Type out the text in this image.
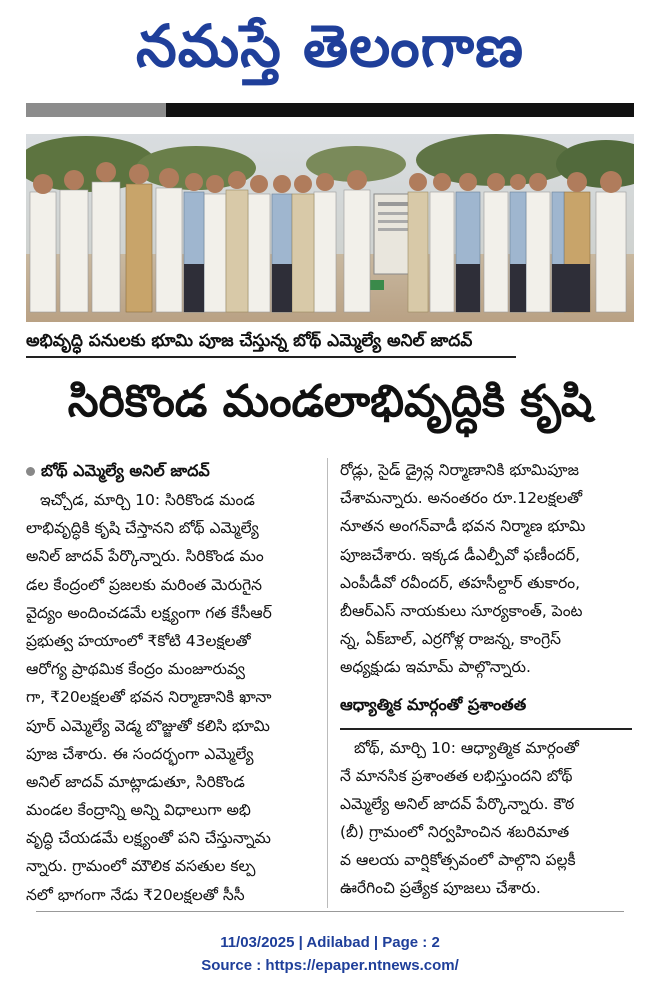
నమస్తే తెలంగాణ
అభివృద్ధి పనులకు భూమి పూజ చేస్తున్న బోథ్ ఎమ్మెల్యే అనిల్ జాదవ్
సిరికొండ మండలాభివృద్ధికి కృషి
బోథ్ ఎమ్మెల్యే అనిల్ జాదవ్
ఇచ్చోడ, మార్చి 10: సిరికొండ మండ
లాభివృద్ధికి కృషి చేస్తానని బోథ్ ఎమ్మెల్యే
అనిల్ జాదవ్ పేర్కొన్నారు. సిరికొండ మం
డల కేంద్రంలో ప్రజలకు మరింత మెరుగైన
వైద్యం అందించడమే లక్ష్యంగా గత కేసీఆర్
ప్రభుత్వ హయాంలో ₹కోటి 43లక్షలతో
ఆరోగ్య ప్రాథమిక కేంద్రం మంజూరువ్వ
గా, ₹20లక్షలతో భవన నిర్మాణానికి ఖానా
పూర్ ఎమ్మెల్యే వెడ్మ బొజ్జుతో కలిసి భూమి
పూజ చేశారు. ఈ సందర్భంగా ఎమ్మెల్యే
అనిల్ జాదవ్ మాట్లాడుతూ, సిరికొండ
మండల కేంద్రాన్ని అన్ని విధాలుగా అభి
వృద్ధి చేయడమే లక్ష్యంతో పని చేస్తున్నామ
న్నారు. గ్రామంలో మౌలిక వసతుల కల్ప
నలో భాగంగా నేడు ₹20లక్షలతో సీసీ
రోడ్లు, సైడ్ డ్రైన్ల నిర్మాణానికి భూమిపూజ
చేశామన్నారు. అనంతరం రూ.12లక్షలతో
నూతన అంగన్‌వాడీ భవన నిర్మాణ భూమి
పూజచేశారు. ఇక్కడ డీఎల్పీవో ఫణీందర్,
ఎంపీడీవో రవీందర్, తహసీల్దార్ తుకారం,
బీఆర్‌ఎస్ నాయకులు సూర్యకాంత్, పెంట
న్న, ఏక్‌బాల్, ఎర్రగోళ్ల రాజన్న, కాంగ్రెస్
అధ్యక్షుడు ఇమామ్ పాల్గొన్నారు.
ఆధ్యాత్మిక మార్గంతో ప్రశాంతత
బోథ్, మార్చి 10: ఆధ్యాత్మిక మార్గంతో
నే మానసిక ప్రశాంతత లభిస్తుందని బోథ్
ఎమ్మెల్యే అనిల్ జాదవ్ పేర్కొన్నారు. కౌఠ
(బీ) గ్రామంలో నిర్వహించిన శబరిమాత
వ ఆలయ వార్షికోత్సవంలో పాల్గొని పల్లకీ
ఊరేగించి ప్రత్యేక పూజలు చేశారు.
11/03/2025 | Adilabad | Page : 2
Source : https://epaper.ntnews.com/
